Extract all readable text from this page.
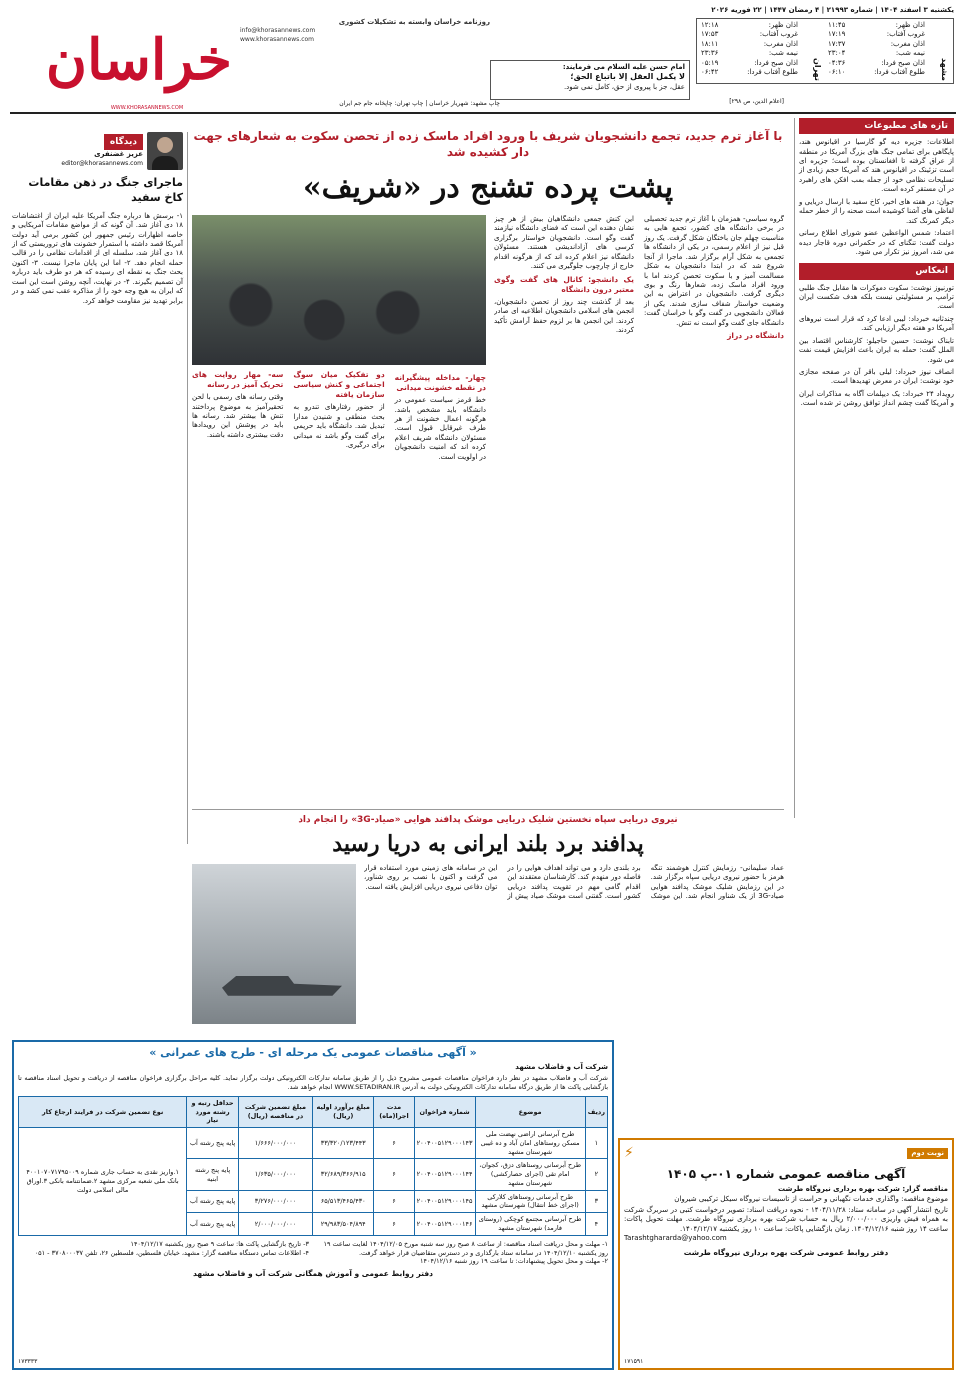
یکشنبه ۳ اسفند ۱۴۰۴ | شماره ۲۱۹۹۳ | ۴ رمضان ۱۴۴۷ | ۲۲ فوریه ۲۰۲۶
مشهد
اذان ظهر:
۱۱:۴۵
غروب آفتاب:
۱۷:۱۹
اذان مغرب:
۱۷:۳۷
نیمه شب:
۲۳:۰۴
اذان صبح فردا:
۰۴:۳۶
طلوع آفتاب فردا:
۰۶:۱۰
تهران
اذان ظهر:
۱۲:۱۸
غروب آفتاب:
۱۷:۵۳
اذان مغرب:
۱۸:۱۱
نیمه شب:
۲۳:۳۶
اذان صبح فردا:
۰۵:۱۹
طلوع آفتاب فردا:
۰۶:۴۲
امام حسن علیه السلام می فرمایند:
لا یکمل العقل إلا باتباع الحق؛
عقل، جز با پیروی از حق، کامل نمی شود.
روزنامه خراسان وابسته به تشکیلات کشوری
info@khorasannews.com
www.khorasannews.com
خراسان
WWW.KHORASANNEWS.COM
[اعلام الدین، ص ۲۹۸]
چاپ مشهد: شهریار خراسان | چاپ تهران: چاپخانه جام جم ایران
تازه های مطبوعات

اطلاعات: جزیره دیه گو گارسیا در اقیانوس هند، پایگاهی برای تمامی جنگ های بزرگ آمریکا در منطقه از عراق گرفته تا افغانستان بوده است؛ جزیره ای است تزئینک در اقیانوس هند که آمریکا حجم زیادی از تسلیحات نظامی خود از جمله بمب افکن های راهبرد در آن مستقر کرده است.

جوان: در هفته های اخیر، کاخ سفید با ارسال دریایی و لفاظی های آشنا کوشیده است صحنه را از خطر حمله دیگر کمرنگ کند.

اعتماد: شمس الواعظین عضو شورای اطلاع رسانی دولت گفت: تنگنای که در حکمرانی دوره قاجار دیده می شد، امروز نیز تکرار می شود.

انعکاس

تورنیوز نوشت: سکوت دموکرات ها مقابل جنگ طلبی ترامپ بر مسئولیتی نیست بلکه هدف شکست ایران است.

چندثانیه خبرداد: لیبی ادعا کرد که قرار است نیروهای آمریکا دو هفته دیگر ارزیابی کند.

تابناک نوشت: حسین حاجیلو: کارشناس اقتصاد بین الملل گفت: حمله به ایران باعث افزایش قیمت نفت می شود.

انصاف نیوز خبرداد: لیلی باقر آن در صفحه مجازی خود نوشت: ایران در معرض تهدیدها است.

رویداد ۲۴ خبرداد: یک دیپلمات آگاه به مذاکرات ایران و آمریکا گفت چشم انداز توافق روشن تر شده است.

دیدگاه
عزیز غضنفری
editor@khorasannews.com
ماجرای جنگ در ذهن مقامات کاخ سفید

۱- برسش ها درباره جنگ آمریکا علیه ایران از اغتشاشات ۱۸ دی آغاز شد. آن گونه که از مواضع مقامات آمریکایی و خاصه اظهارات رئیس جمهور این کشور برمی آید دولت آمریکا قصد داشته با استمرار خشونت های تروریستی که از ۱۸ دی آغاز شد، سلسله ای از اقدامات نظامی را در قالب حمله انجام دهد. ۲- اما این پایان ماجرا نیست. ۳- اکنون بحث جنگ به نقطه ای رسیده که هر دو طرف باید درباره آن تصمیم بگیرند. ۴- در نهایت، آنچه روشن است این است که ایران به هیچ وجه خود را از مذاکره عقب نمی کشد و در برابر تهدید نیز مقاومت خواهد کرد.

با آغاز ترم جدید، تجمع دانشجویان شریف با ورود افراد ماسک زده از تحصن سکوت به شعارهای جهت دار کشیده شد
پشت پرده تشنج در «شریف»

گروه سیاسی- همزمان با آغاز ترم جدید تحصیلی در برخی دانشگاه های کشور، تجمع هایی به مناسبت چهلم جان باختگان شکل گرفت. یک روز قبل نیز از اعلام رسمی، در یکی از دانشگاه ها تجمعی به شکل آرام برگزار شد. ماجرا از آنجا شروع شد که در ابتدا دانشجویان به شکل مسالمت آمیز و با سکوت تحصن کردند اما با ورود افراد ماسک زده، شعارها رنگ و بوی دیگری گرفت. دانشجویان در اعتراض به این وضعیت خواستار شفاف سازی شدند. یکی از فعالان دانشجویی در گفت وگو با خراسان گفت: دانشگاه جای گفت وگو است نه تنش.

دانشگاه در دراز

این کنش جمعی دانشگاهیان بیش از هر چیز نشان دهنده این است که فضای دانشگاه نیازمند گفت وگو است. دانشجویان خواستار برگزاری کرسی های آزاداندیشی هستند. مسئولان دانشگاه نیز اعلام کرده اند که از هرگونه اقدام خارج از چارچوب جلوگیری می کنند.

یک دانشجو: کانال های گفت وگوی معتبر درون دانشگاه

بعد از گذشت چند روز از تحصن دانشجویان، انجمن های اسلامی دانشجویان اطلاعیه ای صادر کردند. این انجمن ها بر لزوم حفظ آرامش تأکید کردند.

چهار- مداخله پیشگیرانه در نقطه خشونت میدانی

خط قرمز سیاست عمومی در دانشگاه باید مشخص باشد. هرگونه اعمال خشونت از هر طرف غیرقابل قبول است. مسئولان دانشگاه شریف اعلام کرده اند که امنیت دانشجویان در اولویت است.

دو تفکیک میان سوگ اجتماعی و کنش سیاسی سازمان یافته

از حضور رفتارهای تندرو به بحث منطقی و شنیدن مدارا تبدیل شد. دانشگاه باید حریمی برای گفت وگو باشد نه میدانی برای درگیری.

سه- مهار روایت های تحریک آمیز در رسانه

وقتی رسانه های رسمی با لحن تحقیرآمیز به موضوع پرداختند تنش ها بیشتر شد. رسانه ها باید در پوشش این رویدادها دقت بیشتری داشته باشند.

نیروی دریایی سپاه نخستین شلیک دریایی موشک پدافند هوایی «صیاد-3G» را انجام داد
پدافند برد بلند ایرانی به دریا رسید

عماد سلیمانی- رزمایش کنترل هوشمند تنگه هرمز با حضور نیروی دریایی سپاه برگزار شد. در این رزمایش شلیک موشک پدافند هوایی صیاد-3G از یک شناور انجام شد. این موشک برد بلندی دارد و می تواند اهداف هوایی را در فاصله دور منهدم کند. کارشناسان معتقدند این اقدام گامی مهم در تقویت پدافند دریایی کشور است. گفتنی است موشک صیاد پیش از این در سامانه های زمینی مورد استفاده قرار می گرفت و اکنون با نصب بر روی شناور، توان دفاعی نیروی دریایی افزایش یافته است.

« آگهی مناقصات عمومی یک مرحله ای - طرح های عمرانی »
شرکت آب و فاضلاب مشهد

شرکت آب و فاضلاب مشهد در نظر دارد فراخوان مناقصات عمومی مشروح ذیل را از طریق سامانه تدارکات الکترونیکی دولت برگزار نماید. کلیه مراحل برگزاری فراخوان مناقصه از دریافت و تحویل اسناد مناقصه تا بازگشایی پاکت ها از طریق درگاه سامانه تدارکات الکترونیکی دولت به آدرس WWW.SETADIRAN.IR انجام خواهد شد.

ردیف	موضوع	شماره فراخوان	مدت اجرا(ماه)	مبلغ برآورد اولیه (ریال)	مبلغ تضمین شرکت در مناقصه (ریال)	حداقل رتبه و رشته مورد نیاز	نوع تضمین شرکت در فرایند ارجاع کار
۱	طرح آبرسانی اراضی نهضت ملی مسکن روستاهای امان آباد و ده غیبی شهرستان مشهد	۲۰۰۴۰۰۵۱۲۹۰۰۰۱۴۳	۶	۳۳/۳۲۰/۱۲۳/۴۴۳	۱/۶۶۶/۰۰۰/۰۰۰	پایه پنج رشته آب	۱.واریز نقدی به حساب جاری شماره ۴۰۰۱۰۷۰۷۱۷۹۵۰۰۹ بانک ملی شعبه مرکزی مشهد ۲.ضمانتنامه بانکی ۳.اوراق مالی اسلامی دولت
۲	طرح آبرسانی روستاهای دزق، کجوان، امام تقی (اجرای حصارکشی) شهرستان مشهد	۲۰۰۴۰۰۵۱۲۹۰۰۰۱۴۴	۶	۳۲/۶۸۹/۳۶۶/۹۱۵	۱/۶۳۵/۰۰۰/۰۰۰	پایه پنج رشته ابنیه	
۳	طرح آبرسانی روستاهای کلارکی (اجرای خط انتقال) شهرستان مشهد	۲۰۰۴۰۰۵۱۲۹۰۰۰۱۴۵	۶	۶۵/۵۱۳/۴۶۵/۴۳۰	۳/۲۷۶/۰۰۰/۰۰۰	پایه پنج رشته آب	
۴	طرح آبرسانی مجتمع کوچکی (روستای فارمد) شهرستان مشهد	۲۰۰۴۰۰۵۱۲۹۰۰۰۱۴۶	۶	۲۹/۹۸۳/۵۰۴/۸۹۴	۲/۰۰۰/۰۰۰/۰۰۰	پایه پنج رشته آب	

۱- مهلت و محل دریافت اسناد مناقصه: از ساعت ۸ صبح روز سه شنبه مورخ ۱۴۰۴/۱۲/۰۵ لغایت ساعت ۱۹ روز یکشنبه ۱۴۰۴/۱۲/۱۰ در سامانه ستاد بارگذاری و در دسترس متقاضیان قرار خواهد گرفت.

۲- مهلت و محل تحویل پیشنهادات: تا ساعت ۱۹ روز شنبه ۱۴۰۴/۱۲/۱۶

۳- تاریخ بازگشایی پاکت ها: ساعت ۹ صبح روز یکشنبه ۱۴۰۴/۱۲/۱۷

۴- اطلاعات تماس دستگاه مناقصه گزار: مشهد، خیابان فلسطین، فلسطین ۲۶، تلفن ۳۷۰۸۰۰۰۳۷ - ۰۵۱

دفتر روابط عمومی و آموزش همگانی شرکت آب و فاضلاب مشهد
۱۷۳۳۳۳
نوبت دوم
⚡
آگهی مناقصه عمومی شماره ۰۱-پ ۱۴۰۵

مناقصه گزار: شرکت بهره برداری نیروگاه طرشت

موضوع مناقصه: واگذاری خدمات نگهبانی و حراست از تاسیسات نیروگاه سیکل ترکیبی شیروان

تاریخ انتشار آگهی در سامانه ستاد: ۱۴۰۴/۱۱/۲۸ - نحوه دریافت اسناد: تصویر درخواست کتبی در سربرگ شرکت به همراه فیش واریزی ۲/۰۰۰/۰۰۰ ریال به حساب شرکت بهره برداری نیروگاه طرشت. مهلت تحویل پاکات: ساعت ۱۴ روز شنبه ۱۴۰۴/۱۲/۱۶. زمان بازگشایی پاکات: ساعت ۱۰ روز یکشنبه ۱۴۰۴/۱۲/۱۷.

Tarashtghararda@yahoo.com

دفتر روابط عمومی شرکت بهره برداری نیروگاه طرشت
۱۷۱۵۹۱
